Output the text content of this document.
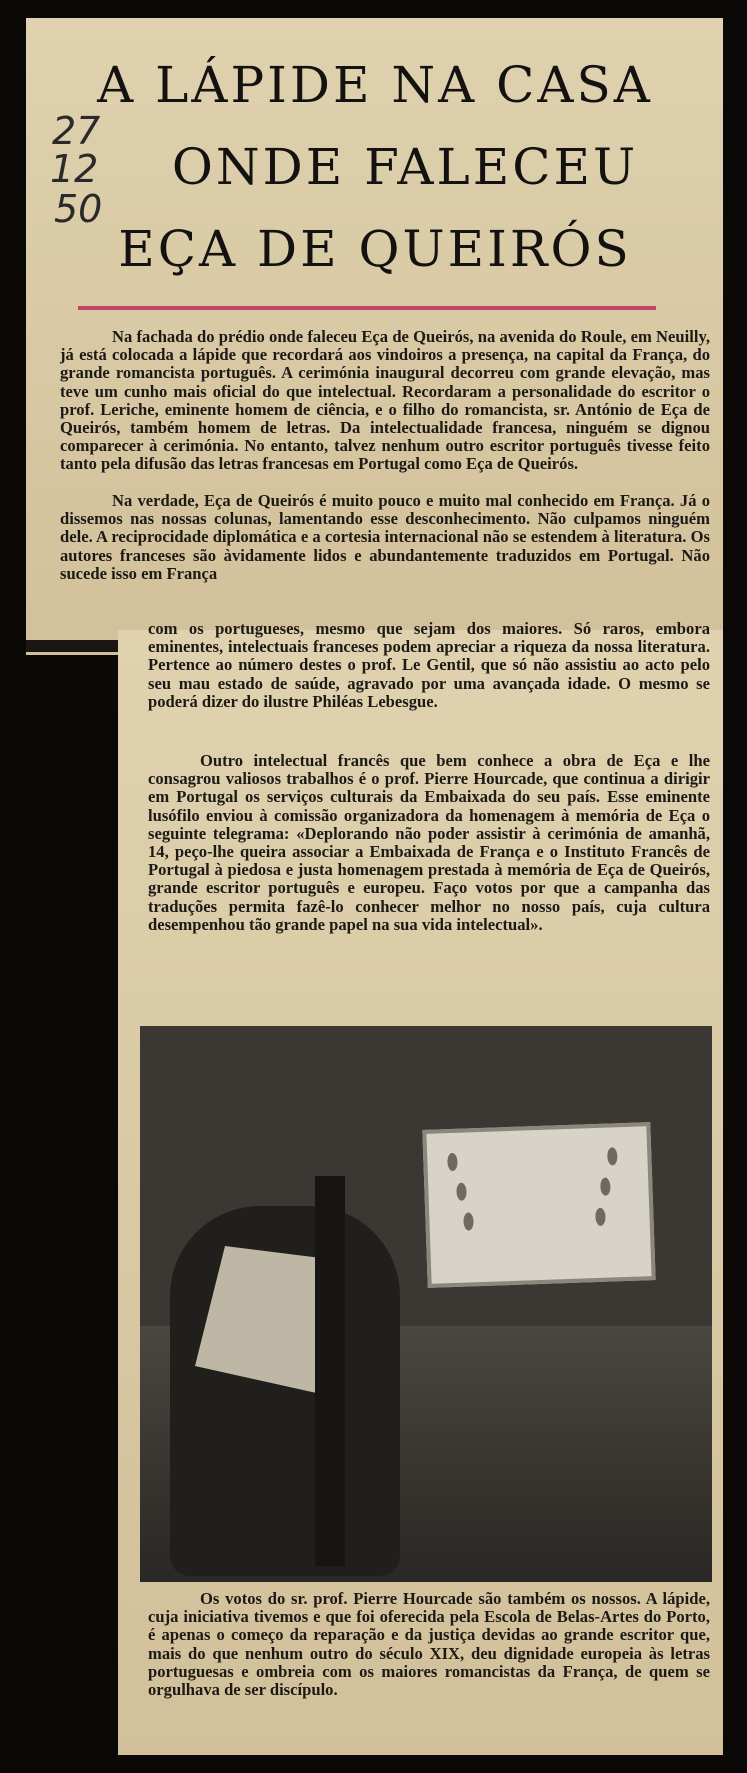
A LÁPIDE NA CASA
ONDE FALECEU
EÇA DE QUEIRÓS
27
12
50

Na fachada do prédio onde faleceu Eça de Queirós, na avenida do Roule, em Neuilly, já está colocada a lápide que recordará aos vindoiros a presença, na capital da França, do grande romancista português. A cerimónia inaugural decorreu com grande elevação, mas teve um cunho mais oficial do que intelectual. Recordaram a personalidade do escritor o prof. Leriche, eminente homem de ciência, e o filho do romancista, sr. António de Eça de Queirós, também homem de letras. Da intelectualidade francesa, ninguém se dignou comparecer à cerimónia. No entanto, talvez nenhum outro escritor português tivesse feito tanto pela difusão das letras francesas em Portugal como Eça de Queirós.

Na verdade, Eça de Queirós é muito pouco e muito mal conhecido em França. Já o dissemos nas nossas colunas, lamentando esse desconhecimento. Não culpamos ninguém dele. A reciprocidade diplomática e a cortesia internacional não se estendem à literatura. Os autores franceses são àvidamente lidos e abundantemente traduzidos em Portugal. Não sucede isso em França

com os portugueses, mesmo que sejam dos maiores. Só raros, embora eminentes, intelectuais franceses podem apreciar a riqueza da nossa literatura. Pertence ao número destes o prof. Le Gentil, que só não assistiu ao acto pelo seu mau estado de saúde, agravado por uma avançada idade. O mesmo se poderá dizer do ilustre Philéas Lebesgue.

Outro intelectual francês que bem conhece a obra de Eça e lhe consagrou valiosos trabalhos é o prof. Pierre Hourcade, que continua a dirigir em Portugal os serviços culturais da Embaixada do seu país. Esse eminente lusófilo enviou à comissão organizadora da homenagem à memória de Eça o seguinte telegrama: «Deplorando não poder assistir à cerimónia de amanhã, 14, peço-lhe queira associar a Embaixada de França e o Instituto Francês de Portugal à piedosa e justa homenagem prestada à memória de Eça de Queirós, grande escritor português e europeu. Faço votos por que a campanha das traduções permita fazê-lo conhecer melhor no nosso país, cuja cultura desempenhou tão grande papel na sua vida intelectual».

Os votos do sr. prof. Pierre Hourcade são também os nossos. A lápide, cuja iniciativa tivemos e que foi oferecida pela Escola de Belas-Artes do Porto, é apenas o começo da reparação e da justiça devidas ao grande escritor que, mais do que nenhum outro do século XIX, deu dignidade europeia às letras portuguesas e ombreia com os maiores romancistas da França, de quem se orgulhava de ser discípulo.
